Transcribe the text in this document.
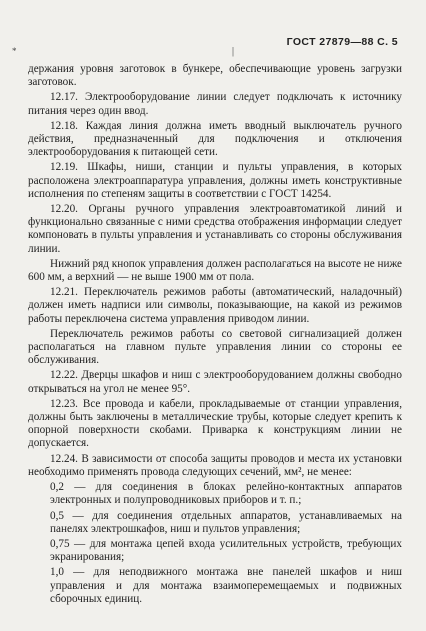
*	|
ГОСТ 27879—88 С. 5

держания уровня заготовок в бункере, обеспечивающие уровень загрузки заготовок.

12.17. Электрооборудование линии следует подключать к источнику питания через один ввод.

12.18. Каждая линия должна иметь вводный выключатель ручного действия, предназначенный для подключения и отключения электрооборудования к питающей сети.

12.19. Шкафы, ниши, станции и пульты управления, в которых расположена электроаппаратура управления, должны иметь конструктивные исполнения по степеням защиты в соответствии с ГОСТ 14254.

12.20. Органы ручного управления электроавтоматикой линий и функционально связанные с ними средства отображения информации следует компоновать в пульты управления и устанавливать со стороны обслуживания линии.

Нижний ряд кнопок управления должен располагаться на высоте не ниже 600 мм, а верхний — не выше 1900 мм от пола.

12.21. Переключатель режимов работы (автоматический, наладочный) должен иметь надписи или символы, показывающие, на какой из режимов работы переключена система управления приводом линии.

Переключатель режимов работы со световой сигнализацией должен располагаться на главном пульте управления линии со стороны ее обслуживания.

12.22. Дверцы шкафов и ниш с электрооборудованием должны свободно открываться на угол не менее 95°.

12.23. Все провода и кабели, прокладываемые от станции управления, должны быть заключены в металлические трубы, которые следует крепить к опорной поверхности скобами. Приварка к конструкциям линии не допускается.

12.24. В зависимости от способа защиты проводов и места их установки необходимо применять провода следующих сечений, мм², не менее:

0,2 — для соединения в блоках релейно-контактных аппаратов электронных и полупроводниковых приборов и т. п.;

0,5 — для соединения отдельных аппаратов, устанавливаемых на панелях электрошкафов, ниш и пультов управления;

0,75 — для монтажа цепей входа усилительных устройств, требующих экранирования;

1,0 — для неподвижного монтажа вне панелей шкафов и ниш управления и для монтажа взаимоперемещаемых и подвижных сборочных единиц.
